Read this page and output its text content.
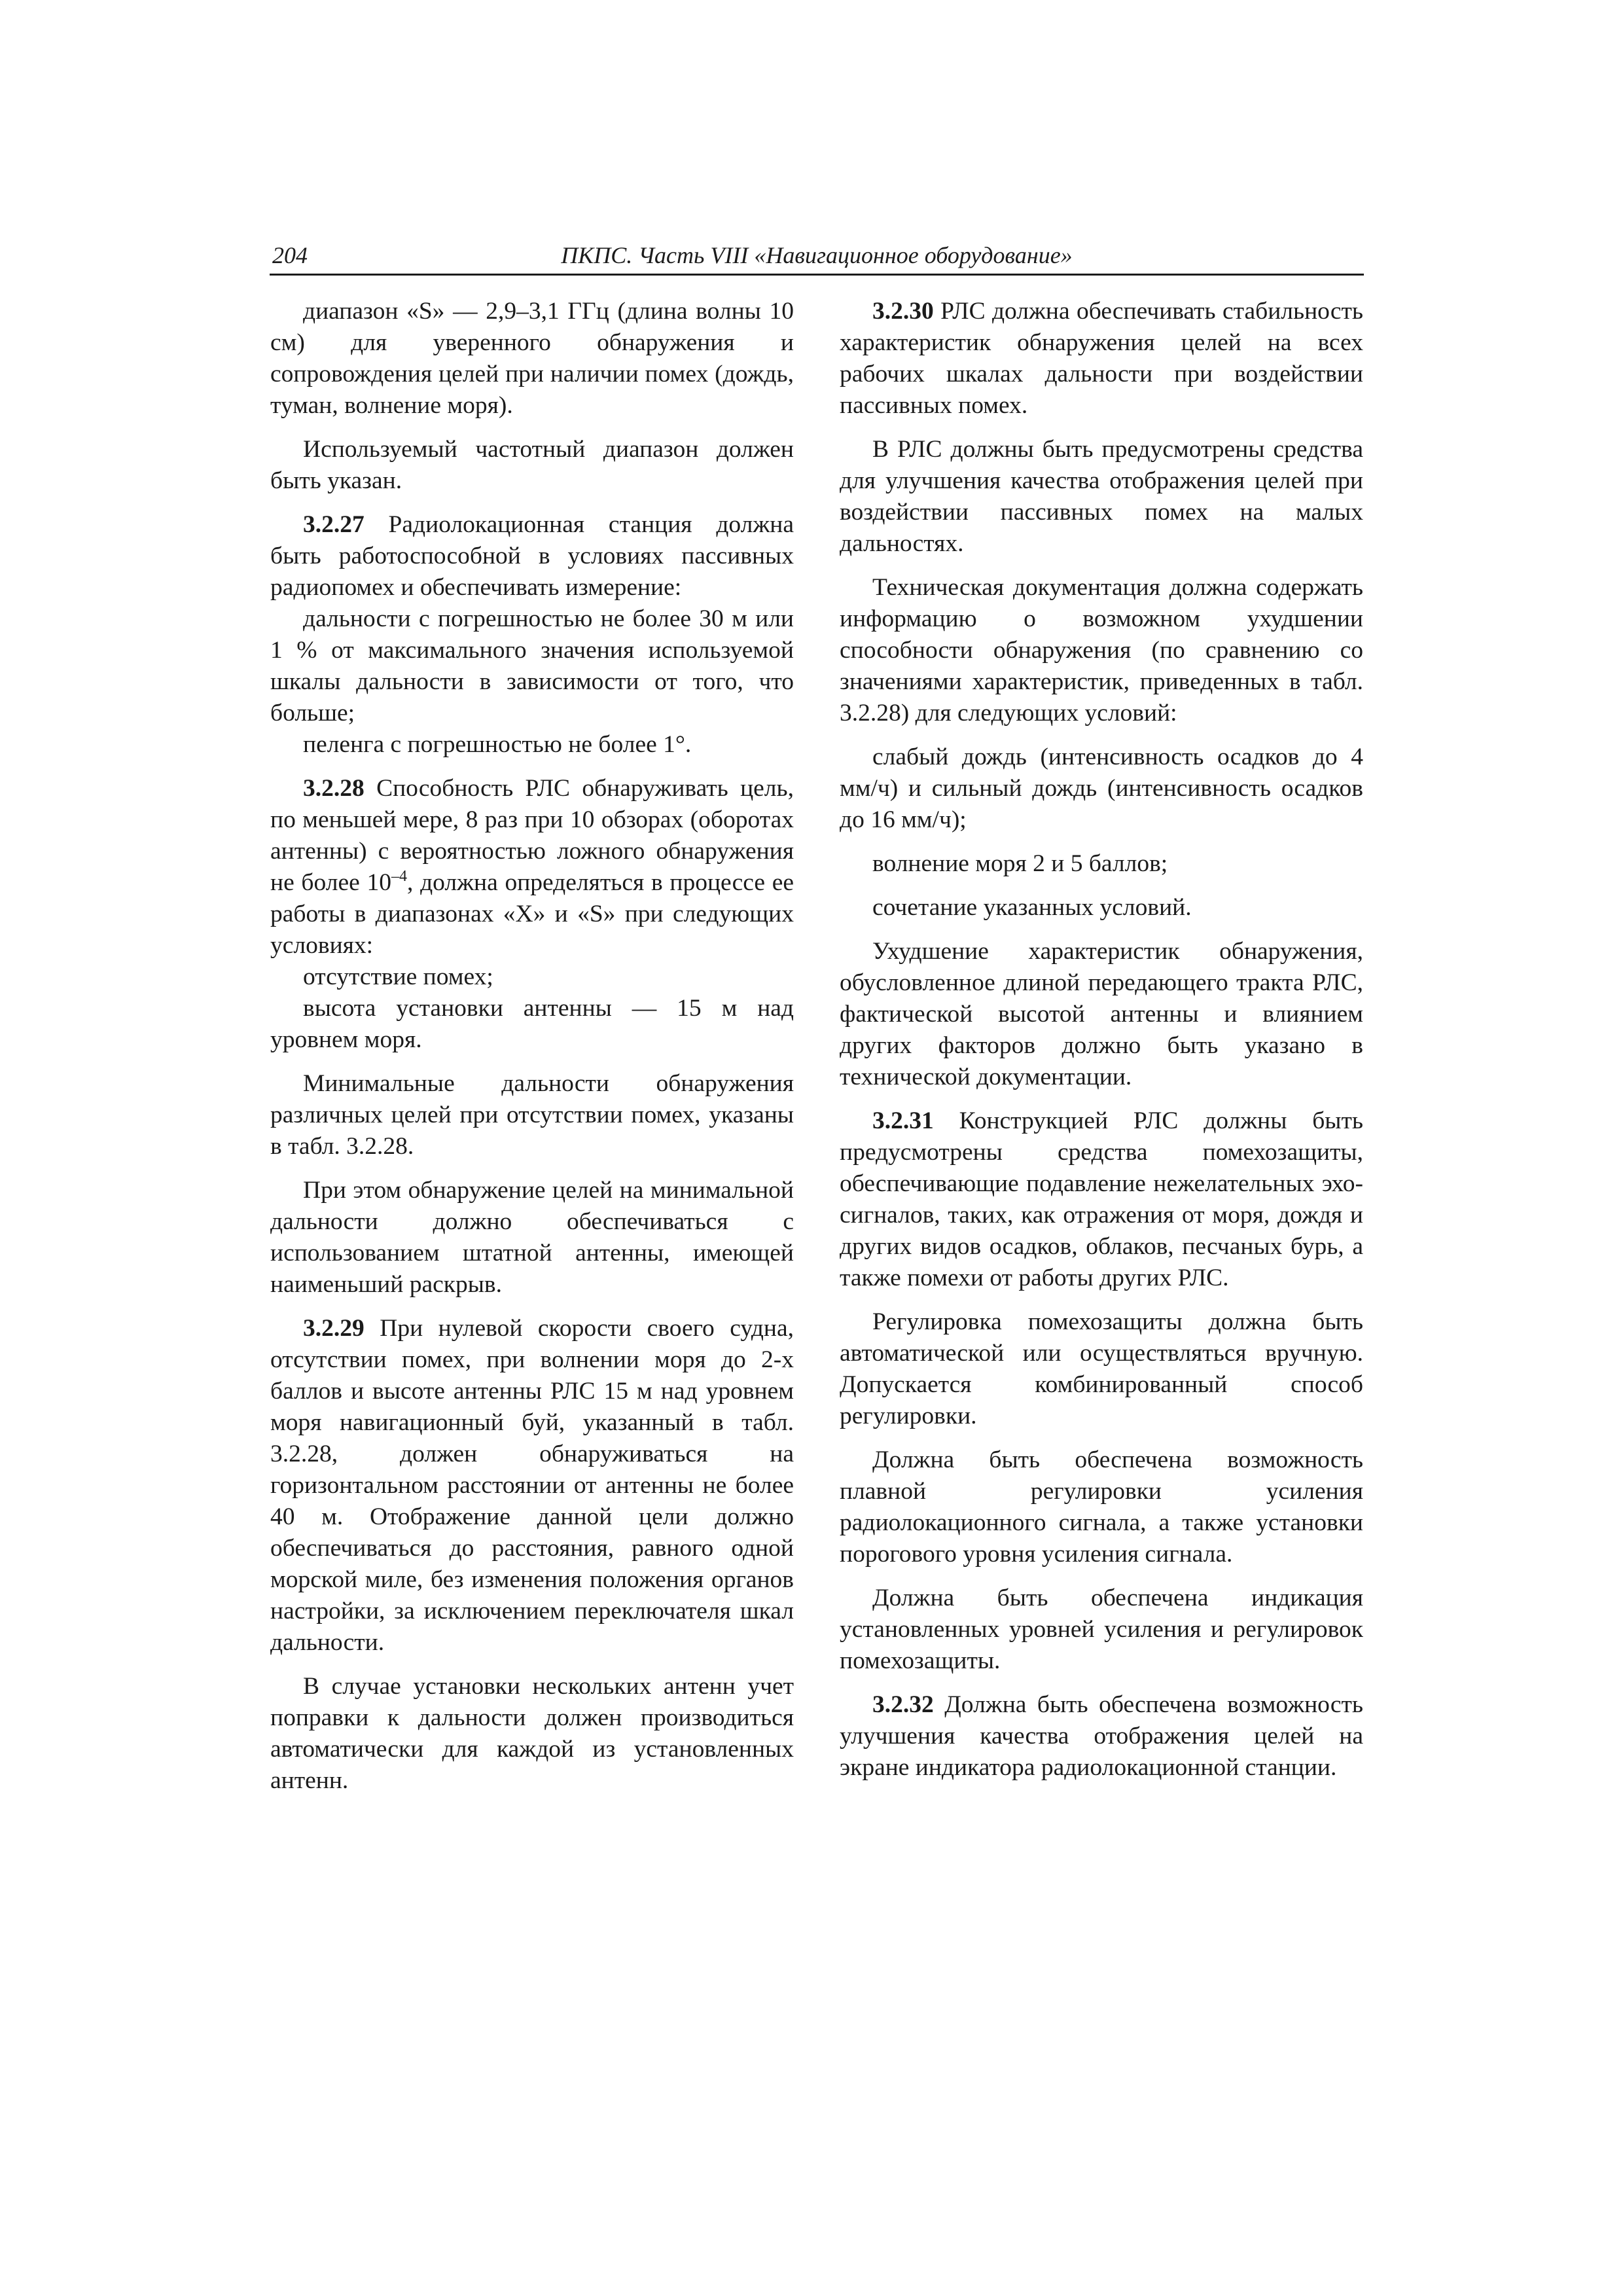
204	ПКПС. Часть VIII «Навигационное оборудование»

диапазон «S» — 2,9–3,1 ГГц (длина волны 10 см) для уверенного обнаружения и сопровождения целей при наличии помех (дождь, туман, волнение моря).

Используемый частотный диапазон должен быть указан.

3.2.27 Радиолокационная станция должна быть работоспособной в условиях пассивных радиопомех и обеспечивать измерение:

дальности с погрешностью не более 30 м или 1 % от максимального значения используемой шкалы дальности в зависимости от того, что больше;

пеленга с погрешностью не более 1°.

3.2.28 Способность РЛС обнаруживать цель, по меньшей мере, 8 раз при 10 обзорах (оборотах антенны) с вероятностью ложного обнаружения не более $10^{-4}$, должна определяться в процессе ее работы в диапазонах «X» и «S» при следующих условиях:

отсутствие помех;

высота установки антенны — 15 м над уровнем моря.

Минимальные дальности обнаружения различных целей при отсутствии помех, указаны в табл. 3.2.28.

При этом обнаружение целей на минимальной дальности должно обеспечиваться с использованием штатной антенны, имеющей наименьший раскрыв.

3.2.29 При нулевой скорости своего судна, отсутствии помех, при волнении моря до 2-х баллов и высоте антенны РЛС 15 м над уровнем моря навигационный буй, указанный в табл. 3.2.28, должен обнаруживаться на горизонтальном расстоянии от антенны не более 40 м. Отображение данной цели должно обеспечиваться до расстояния, равного одной морской миле, без изменения положения органов настройки, за исключением переключателя шкал дальности.

В случае установки нескольких антенн учет поправки к дальности должен производиться автоматически для каждой из установленных антенн.

3.2.30 РЛС должна обеспечивать стабильность характеристик обнаружения целей на всех рабочих шкалах дальности при воздействии пассивных помех.

В РЛС должны быть предусмотрены средства для улучшения качества отображения целей при воздействии пассивных помех на малых дальностях.

Техническая документация должна содержать информацию о возможном ухудшении способности обнаружения (по сравнению со значениями характеристик, приведенных в табл. 3.2.28) для следующих условий:

слабый дождь (интенсивность осадков до 4 мм/ч) и сильный дождь (интенсивность осадков до 16 мм/ч);

волнение моря 2 и 5 баллов;

сочетание указанных условий.

Ухудшение характеристик обнаружения, обусловленное длиной передающего тракта РЛС, фактической высотой антенны и влиянием других факторов должно быть указано в технической документации.

3.2.31 Конструкцией РЛС должны быть предусмотрены средства помехозащиты, обеспечивающие подавление нежелательных эхо-сигналов, таких, как отражения от моря, дождя и других видов осадков, облаков, песчаных бурь, а также помехи от работы других РЛС.

Регулировка помехозащиты должна быть автоматической или осуществляться вручную. Допускается комбинированный способ регулировки.

Должна быть обеспечена возможность плавной регулировки усиления радиолокационного сигнала, а также установки порогового уровня усиления сигнала.

Должна быть обеспечена индикация установленных уровней усиления и регулировок помехозащиты.

3.2.32 Должна быть обеспечена возможность улучшения качества отображения целей на экране индикатора радиолокационной станции.
